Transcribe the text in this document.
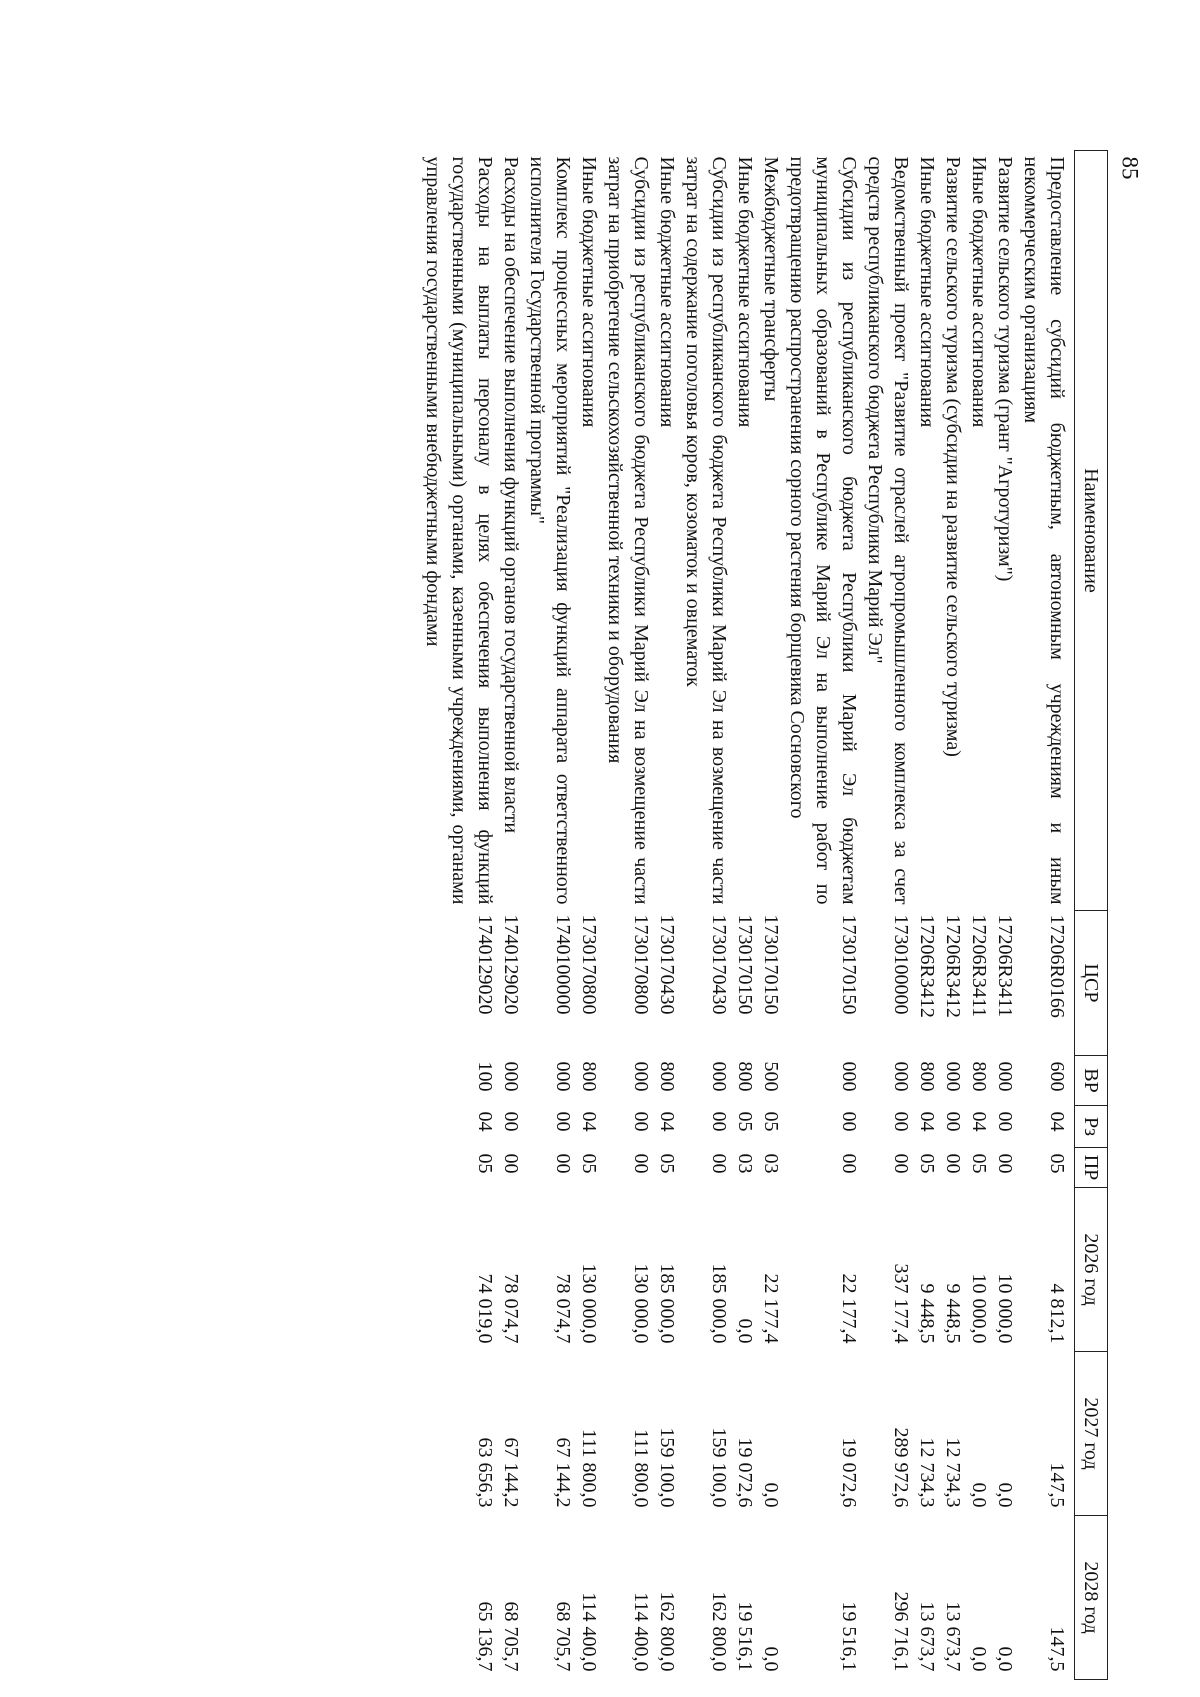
85
Наименование	ЦСР	ВР	Рз	ПР	2026 год	2027 год	2028 год
Предоставление субсидий бюджетным, автономным учреждениям и иным некоммерческим организациям	17206R0166	600	04	05	4 812,1	147,5	147,5
Развитие сельского туризма (грант "Агротуризм")	17206R3411	000	00	00	10 000,0	0,0	0,0
Иные бюджетные ассигнования	17206R3411	800	04	05	10 000,0	0,0	0,0
Развитие сельского туризма (субсидии на развитие сельского туризма)	17206R3412	000	00	00	9 448,5	12 734,3	13 673,7
Иные бюджетные ассигнования	17206R3412	800	04	05	9 448,5	12 734,3	13 673,7
Ведомственный проект "Развитие отраслей агропромышленного комплекса за счет средств республиканского бюджета Республики Марий Эл"	1730100000	000	00	00	337 177,4	289 972,6	296 716,1
Субсидии из республиканского бюджета Республики Марий Эл бюджетам муниципальных образований в Республике Марий Эл на выполнение работ по предотвращению распространения сорного растения борщевика Сосновского	1730170150	000	00	00	22 177,4	19 072,6	19 516,1
Межбюджетные трансферты	1730170150	500	05	03	22 177,4	0,0	0,0
Иные бюджетные ассигнования	1730170150	800	05	03	0,0	19 072,6	19 516,1
Субсидии из республиканского бюджета Республики Марий Эл на возмещение части затрат на содержание поголовья коров, козоматок и овцематок	1730170430	000	00	00	185 000,0	159 100,0	162 800,0
Иные бюджетные ассигнования	1730170430	800	04	05	185 000,0	159 100,0	162 800,0
Субсидии из республиканского бюджета Республики Марий Эл на возмещение части затрат на приобретение сельскохозяйственной техники и оборудования	1730170800	000	00	00	130 000,0	111 800,0	114 400,0
Иные бюджетные ассигнования	1730170800	800	04	05	130 000,0	111 800,0	114 400,0
Комплекс процессных мероприятий "Реализация функций аппарата ответственного исполнителя Государственной программы"	1740100000	000	00	00	78 074,7	67 144,2	68 705,7
Расходы на обеспечение выполнения функций органов государственной власти	1740129020	000	00	00	78 074,7	67 144,2	68 705,7
Расходы на выплаты персоналу в целях обеспечения выполнения функций государственными (муниципальными) органами, казенными учреждениями, органами управления государственными внебюджетными фондами	1740129020	100	04	05	74 019,0	63 656,3	65 136,7
